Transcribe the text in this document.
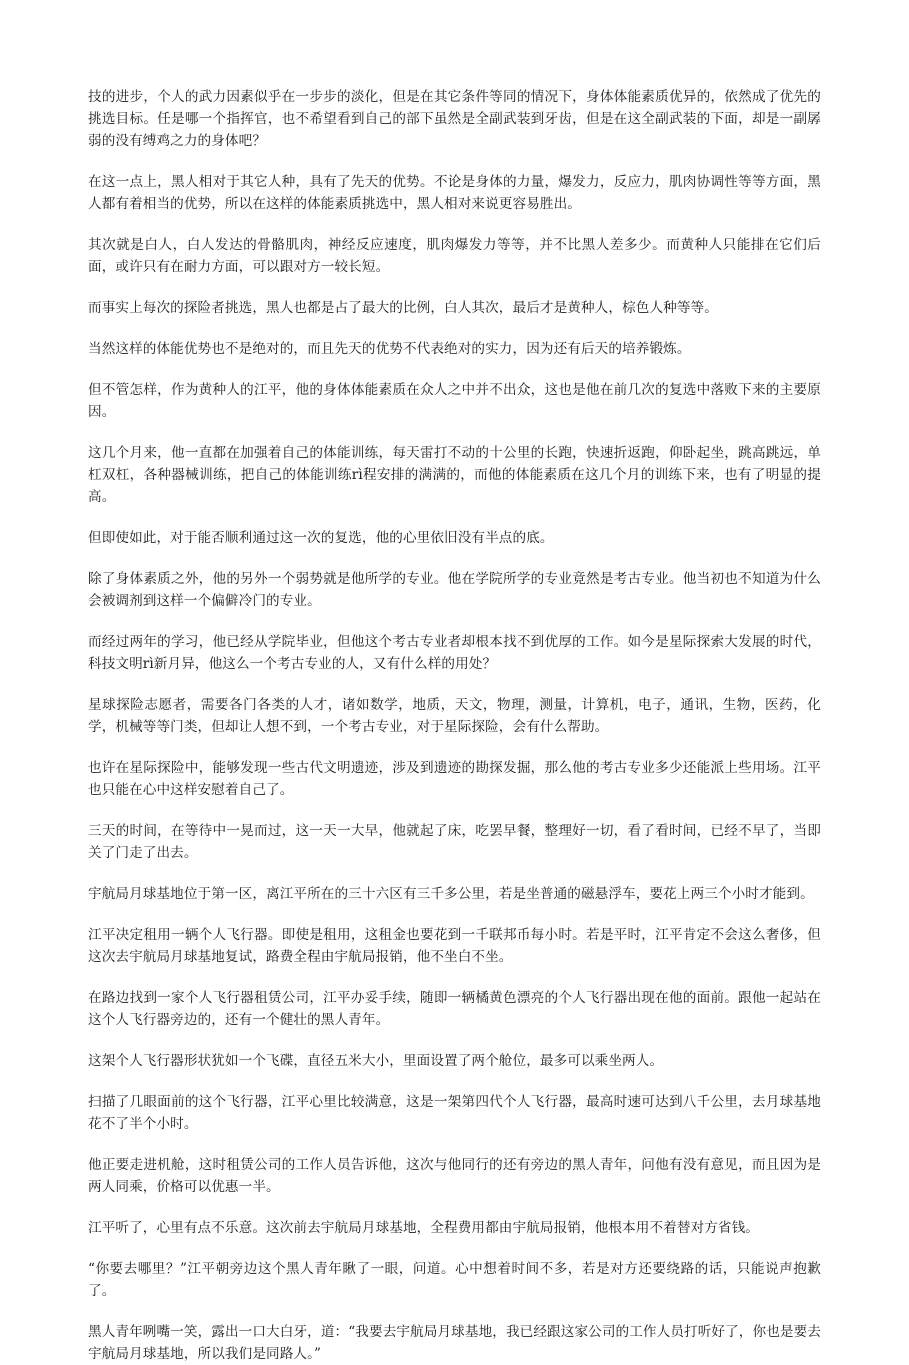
技的进步，个人的武力因素似乎在一步步的淡化，但是在其它条件等同的情况下，身体体能素质优异的，依然成了优先的挑选目标。任是哪一个指挥官，也不希望看到自己的部下虽然是全副武装到牙齿，但是在这全副武装的下面，却是一副孱弱的没有缚鸡之力的身体吧？

在这一点上，黑人相对于其它人种，具有了先天的优势。不论是身体的力量，爆发力，反应力，肌肉协调性等等方面，黑人都有着相当的优势，所以在这样的体能素质挑选中，黑人相对来说更容易胜出。

其次就是白人，白人发达的骨骼肌肉，神经反应速度，肌肉爆发力等等，并不比黑人差多少。而黄种人只能排在它们后面，或许只有在耐力方面，可以跟对方一较长短。

而事实上每次的探险者挑选，黑人也都是占了最大的比例，白人其次，最后才是黄种人，棕色人种等等。

当然这样的体能优势也不是绝对的，而且先天的优势不代表绝对的实力，因为还有后天的培养锻炼。

但不管怎样，作为黄种人的江平，他的身体体能素质在众人之中并不出众，这也是他在前几次的复选中落败下来的主要原因。

这几个月来，他一直都在加强着自己的体能训练，每天雷打不动的十公里的长跑，快速折返跑，仰卧起坐，跳高跳远，单杠双杠，各种器械训练，把自己的体能训练rì程安排的满满的，而他的体能素质在这几个月的训练下来，也有了明显的提高。

但即使如此，对于能否顺利通过这一次的复选，他的心里依旧没有半点的底。

除了身体素质之外，他的另外一个弱势就是他所学的专业。他在学院所学的专业竟然是考古专业。他当初也不知道为什么会被调剂到这样一个偏僻冷门的专业。

而经过两年的学习，他已经从学院毕业，但他这个考古专业者却根本找不到优厚的工作。如今是星际探索大发展的时代，科技文明rì新月异，他这么一个考古专业的人，又有什么样的用处？

星球探险志愿者，需要各门各类的人才，诸如数学，地质，天文，物理，测量，计算机，电子，通讯，生物，医药，化学，机械等等门类，但却让人想不到，一个考古专业，对于星际探险，会有什么帮助。

也许在星际探险中，能够发现一些古代文明遗迹，涉及到遗迹的勘探发掘，那么他的考古专业多少还能派上些用场。江平也只能在心中这样安慰着自己了。

三天的时间，在等待中一晃而过，这一天一大早，他就起了床，吃罢早餐，整理好一切，看了看时间，已经不早了，当即关了门走了出去。

宇航局月球基地位于第一区，离江平所在的三十六区有三千多公里，若是坐普通的磁悬浮车，要花上两三个小时才能到。

江平决定租用一辆个人飞行器。即使是租用，这租金也要花到一千联邦币每小时。若是平时，江平肯定不会这么奢侈，但这次去宇航局月球基地复试，路费全程由宇航局报销，他不坐白不坐。

在路边找到一家个人飞行器租赁公司，江平办妥手续，随即一辆橘黄色漂亮的个人飞行器出现在他的面前。跟他一起站在这个人飞行器旁边的，还有一个健壮的黑人青年。

这架个人飞行器形状犹如一个飞碟，直径五米大小，里面设置了两个舱位，最多可以乘坐两人。

扫描了几眼面前的这个飞行器，江平心里比较满意，这是一架第四代个人飞行器，最高时速可达到八千公里，去月球基地花不了半个小时。

他正要走进机舱，这时租赁公司的工作人员告诉他，这次与他同行的还有旁边的黑人青年，问他有没有意见，而且因为是两人同乘，价格可以优惠一半。

江平听了，心里有点不乐意。这次前去宇航局月球基地，全程费用都由宇航局报销，他根本用不着替对方省钱。

“你要去哪里？”江平朝旁边这个黑人青年瞅了一眼，问道。心中想着时间不多，若是对方还要绕路的话，只能说声抱歉了。

黑人青年咧嘴一笑，露出一口大白牙，道：“我要去宇航局月球基地，我已经跟这家公司的工作人员打听好了，你也是要去宇航局月球基地，所以我们是同路人。”
